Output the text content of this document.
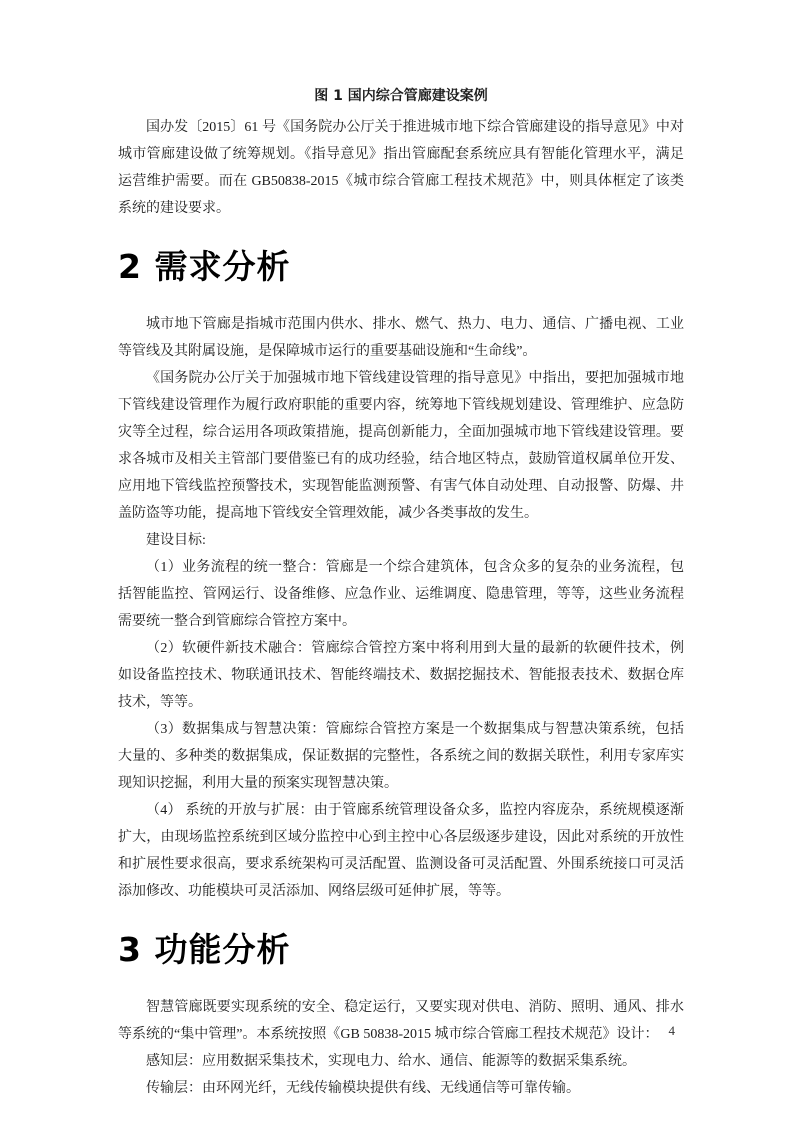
图 1 国内综合管廊建设案例

国办发〔2015〕61 号《国务院办公厅关于推进城市地下综合管廊建设的指导意见》中对城市管廊建设做了统筹规划。《指导意见》指出管廊配套系统应具有智能化管理水平，满足运营维护需要。而在 GB50838-2015《城市综合管廊工程技术规范》中，则具体框定了该类系统的建设要求。

2 需求分析

城市地下管廊是指城市范围内供水、排水、燃气、热力、电力、通信、广播电视、工业等管线及其附属设施，是保障城市运行的重要基础设施和“生命线”。

《国务院办公厅关于加强城市地下管线建设管理的指导意见》中指出，要把加强城市地下管线建设管理作为履行政府职能的重要内容，统筹地下管线规划建设、管理维护、应急防灾等全过程，综合运用各项政策措施，提高创新能力，全面加强城市地下管线建设管理。要求各城市及相关主管部门要借鉴已有的成功经验，结合地区特点，鼓励管道权属单位开发、应用地下管线监控预警技术，实现智能监测预警、有害气体自动处理、自动报警、防爆、井盖防盗等功能，提高地下管线安全管理效能，减少各类事故的发生。

建设目标:

（1）业务流程的统一整合：管廊是一个综合建筑体，包含众多的复杂的业务流程，包括智能监控、管网运行、设备维修、应急作业、运维调度、隐患管理，等等，这些业务流程需要统一整合到管廊综合管控方案中。

（2）软硬件新技术融合：管廊综合管控方案中将利用到大量的最新的软硬件技术，例如设备监控技术、物联通讯技术、智能终端技术、数据挖掘技术、智能报表技术、数据仓库技术，等等。

（3）数据集成与智慧决策：管廊综合管控方案是一个数据集成与智慧决策系统，包括大量的、多种类的数据集成，保证数据的完整性，各系统之间的数据关联性，利用专家库实现知识挖掘，利用大量的预案实现智慧决策。

（4） 系统的开放与扩展：由于管廊系统管理设备众多，监控内容庞杂，系统规模逐渐扩大，由现场监控系统到区域分监控中心到主控中心各层级逐步建设，因此对系统的开放性和扩展性要求很高，要求系统架构可灵活配置、监测设备可灵活配置、外围系统接口可灵活添加修改、功能模块可灵活添加、网络层级可延伸扩展，等等。

3 功能分析

智慧管廊既要实现系统的安全、稳定运行，又要实现对供电、消防、照明、通风、排水等系统的“集中管理”。本系统按照《GB 50838-2015 城市综合管廊工程技术规范》设计：

感知层：应用数据采集技术，实现电力、给水、通信、能源等的数据采集系统。

传输层：由环网光纤，无线传输模块提供有线、无线通信等可靠传输。

4
